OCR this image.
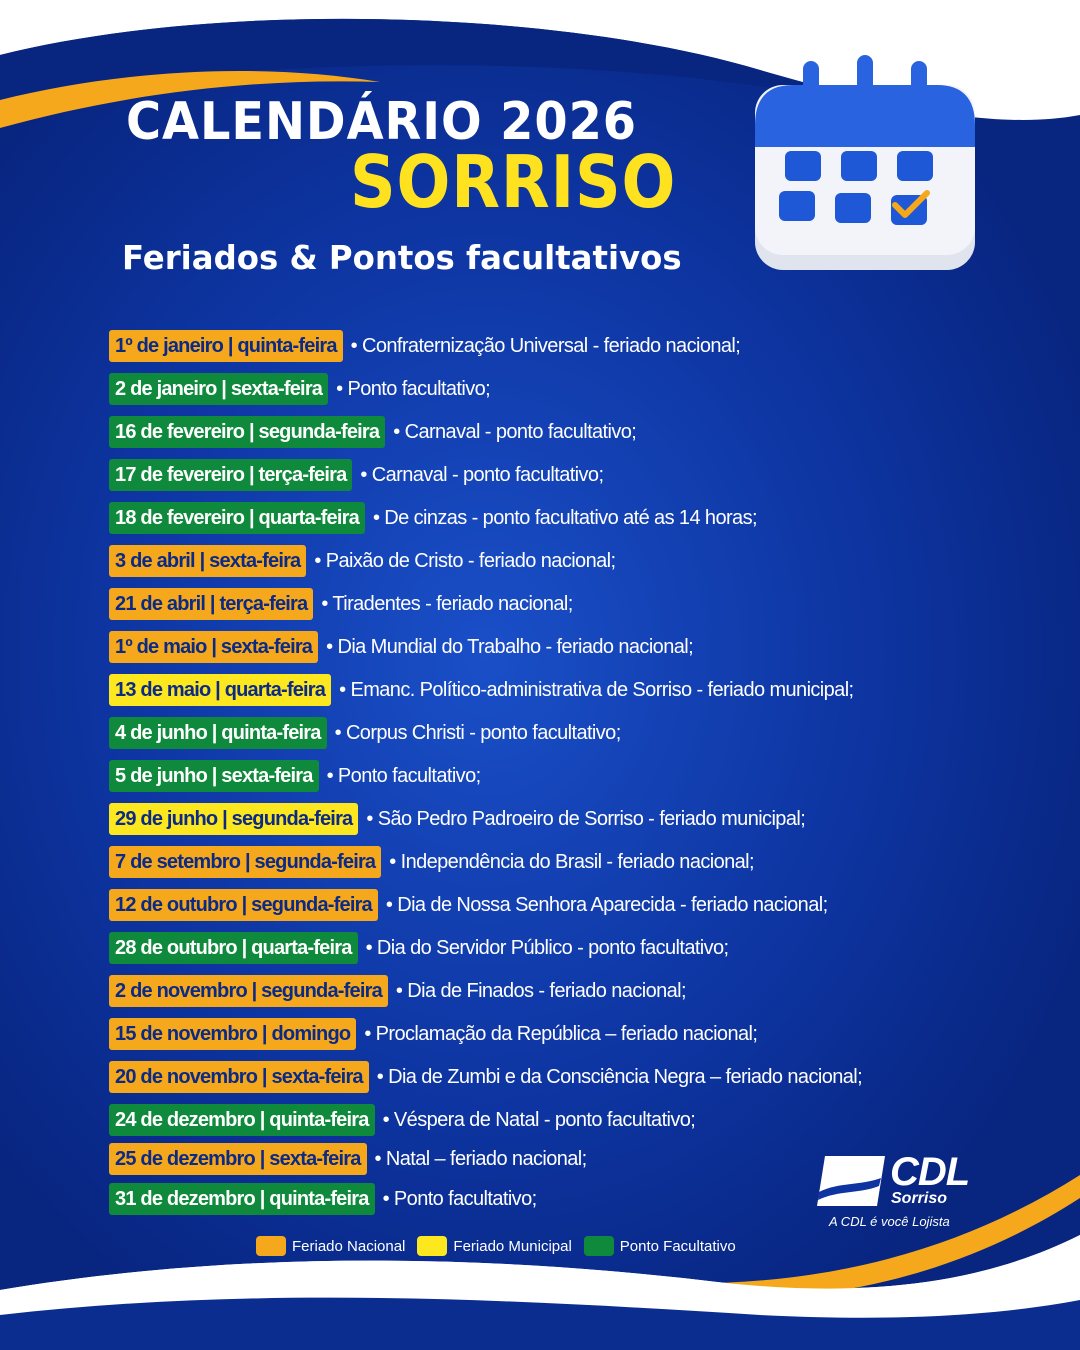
CALENDÁRIO 2026
SORRISO
Feriados & Pontos facultativos
1º de janeiro | quinta-feira • Confraternização Universal - feriado nacional;
2 de janeiro | sexta-feira • Ponto facultativo;
16 de fevereiro | segunda-feira • Carnaval - ponto facultativo;
17 de fevereiro | terça-feira • Carnaval - ponto facultativo;
18 de fevereiro | quarta-feira • De cinzas - ponto facultativo até as 14 horas;
3 de abril | sexta-feira • Paixão de Cristo - feriado nacional;
21 de abril | terça-feira • Tiradentes - feriado nacional;
1º de maio | sexta-feira • Dia Mundial do Trabalho - feriado nacional;
13 de maio | quarta-feira • Emanc. Político-administrativa de Sorriso - feriado municipal;
4 de junho | quinta-feira • Corpus Christi - ponto facultativo;
5 de junho | sexta-feira • Ponto facultativo;
29 de junho | segunda-feira • São Pedro Padroeiro de Sorriso - feriado municipal;
7 de setembro | segunda-feira • Independência do Brasil - feriado nacional;
12 de outubro | segunda-feira • Dia de Nossa Senhora Aparecida - feriado nacional;
28 de outubro | quarta-feira • Dia do Servidor Público - ponto facultativo;
2 de novembro | segunda-feira • Dia de Finados - feriado nacional;
15 de novembro | domingo • Proclamação da República – feriado nacional;
20 de novembro | sexta-feira • Dia de Zumbi e da Consciência Negra – feriado nacional;
24 de dezembro | quinta-feira • Véspera de Natal - ponto facultativo;
25 de dezembro | sexta-feira • Natal – feriado nacional;
31 de dezembro | quinta-feira • Ponto facultativo;
Feriado Nacional	Feriado Municipal	Ponto Facultativo
CDL
Sorriso
A CDL é você Lojista
